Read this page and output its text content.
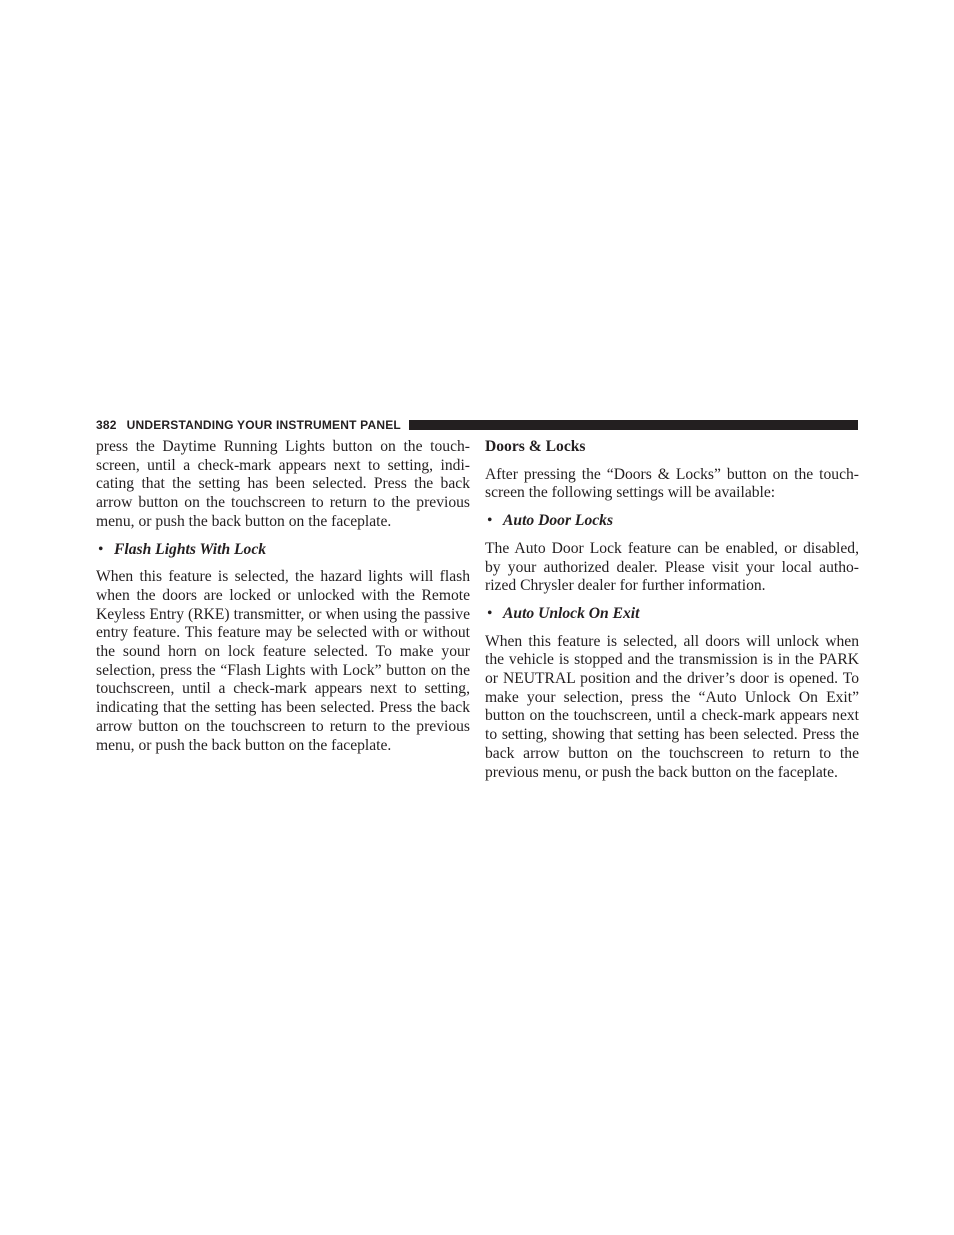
382 UNDERSTANDING YOUR INSTRUMENT PANEL

press the Daytime Running Lights button on the touch-screen, until a check-mark appears next to setting, indi-cating that the setting has been selected. Press the back arrow button on the touchscreen to return to the previous menu, or push the back button on the faceplate.

• Flash Lights With Lock

When this feature is selected, the hazard lights will flash when the doors are locked or unlocked with the Remote Keyless Entry (RKE) transmitter, or when using the passive entry feature. This feature may be selected with or without the sound horn on lock feature selected. To make your selection, press the “Flash Lights with Lock” button on the touchscreen, until a check-mark appears next to setting, indicating that the setting has been selected. Press the back arrow button on the touchscreen to return to the previous menu, or push the back button on the faceplate.

Doors & Locks

After pressing the “Doors & Locks” button on the touch-screen the following settings will be available:

• Auto Door Locks

The Auto Door Lock feature can be enabled, or disabled, by your authorized dealer. Please visit your local autho-rized Chrysler dealer for further information.

• Auto Unlock On Exit

When this feature is selected, all doors will unlock when the vehicle is stopped and the transmission is in the PARK or NEUTRAL position and the driver’s door is opened. To make your selection, press the “Auto Unlock On Exit” button on the touchscreen, until a check-mark appears next to setting, showing that setting has been selected. Press the back arrow button on the touchscreen to return to the previous menu, or push the back button on the faceplate.
